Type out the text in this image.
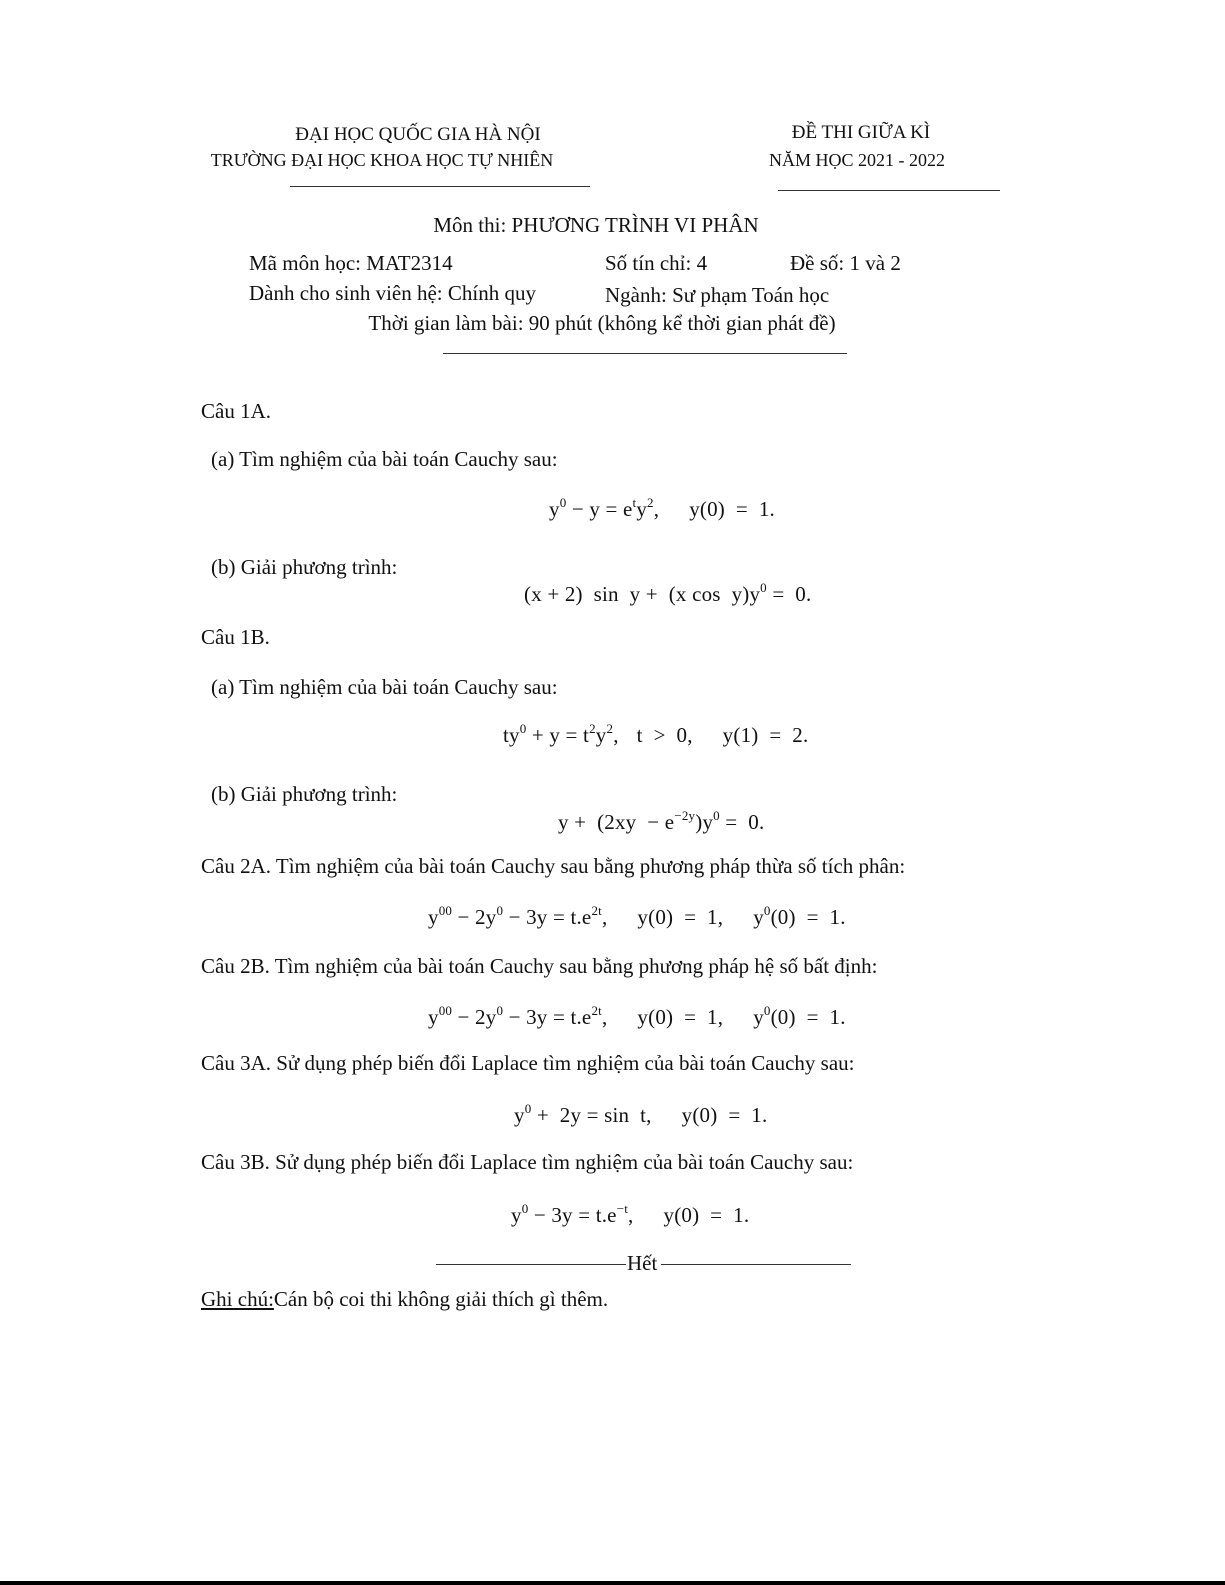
ĐẠI HỌC QUỐC GIA HÀ NỘI
TRƯỜNG ĐẠI HỌC KHOA HỌC TỰ NHIÊN
ĐỀ THI GIỮA KÌ
NĂM HỌC 2021 - 2022
Môn thi: PHƯƠNG TRÌNH VI PHÂN
Mã môn học: MAT2314	Số tín chỉ: 4	Đề số: 1 và 2
Dành cho sinh viên hệ: Chính quy	Ngành: Sư phạm Toán học
Thời gian làm bài: 90 phút (không kể thời gian phát đề)
Câu 1A.
(a) Tìm nghiệm của bài toán Cauchy sau:
$y^0 - y = e^ty^2$, y(0)  =  1.
(b) Giải phương trình:
(x + 2)  sin  y +  (x $\cos y)y^0 = 0$.
Câu 1B.
(a) Tìm nghiệm của bài toán Cauchy sau:
$ty^0 + y = t^2y^2$, t  >  0, y(1)  =  2.
(b) Giải phương trình:
$y + (2xy - e^{-2y})y^0 = 0$.
Câu 2A. Tìm nghiệm của bài toán Cauchy sau bằng phương pháp thừa số tích phân:
$y^{00} - 2y^0 - 3y = t.e^{2t}$, y(0)  =  1, $y^0(0) = 1$.
Câu 2B. Tìm nghiệm của bài toán Cauchy sau bằng phương pháp hệ số bất định:
$y^{00} - 2y^0 - 3y = t.e^{2t}$, y(0)  =  1, $y^0(0) = 1$.
Câu 3A. Sử dụng phép biến đổi Laplace tìm nghiệm của bài toán Cauchy sau:
$y^0 + 2y = \sin t$, y(0)  =  1.
Câu 3B. Sử dụng phép biến đổi Laplace tìm nghiệm của bài toán Cauchy sau:
$y^0 - 3y = t.e^{-t}$, y(0)  =  1.
Hết
Ghi chú:Cán bộ coi thi không giải thích gì thêm.
